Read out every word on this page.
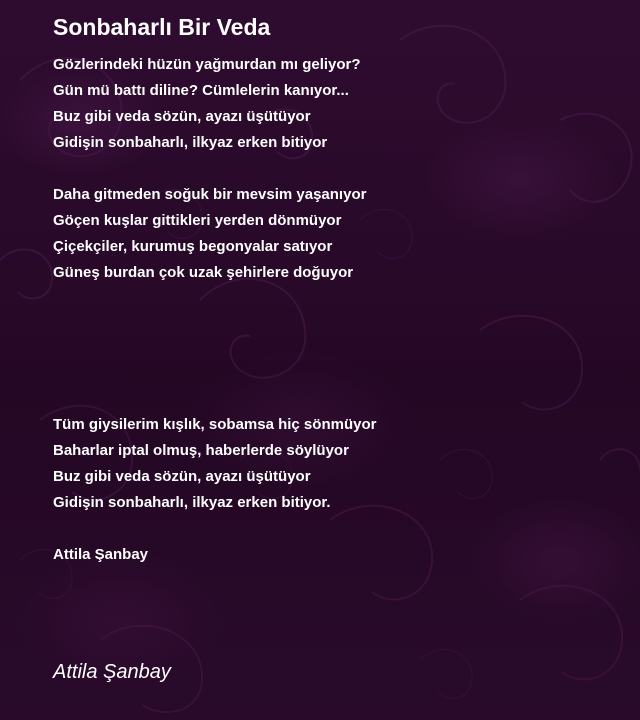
Sonbaharlı Bir Veda
Gözlerindeki hüzün yağmurdan mı geliyor?
Gün mü battı diline? Cümlelerin kanıyor...
Buz gibi veda sözün, ayazı üşütüyor
Gidişin sonbaharlı, ilkyaz erken bitiyor
Daha gitmeden soğuk bir mevsim yaşanıyor
Göçen kuşlar gittikleri yerden dönmüyor
Çiçekçiler, kurumuş begonyalar satıyor
Güneş burdan çok uzak şehirlere doğuyor
Tüm giysilerim kışlık, sobamsa hiç sönmüyor
Baharlar iptal olmuş, haberlerde söylüyor
Buz gibi veda sözün, ayazı üşütüyor
Gidişin sonbaharlı, ilkyaz erken bitiyor.
Attila Şanbay
Attila Şanbay
